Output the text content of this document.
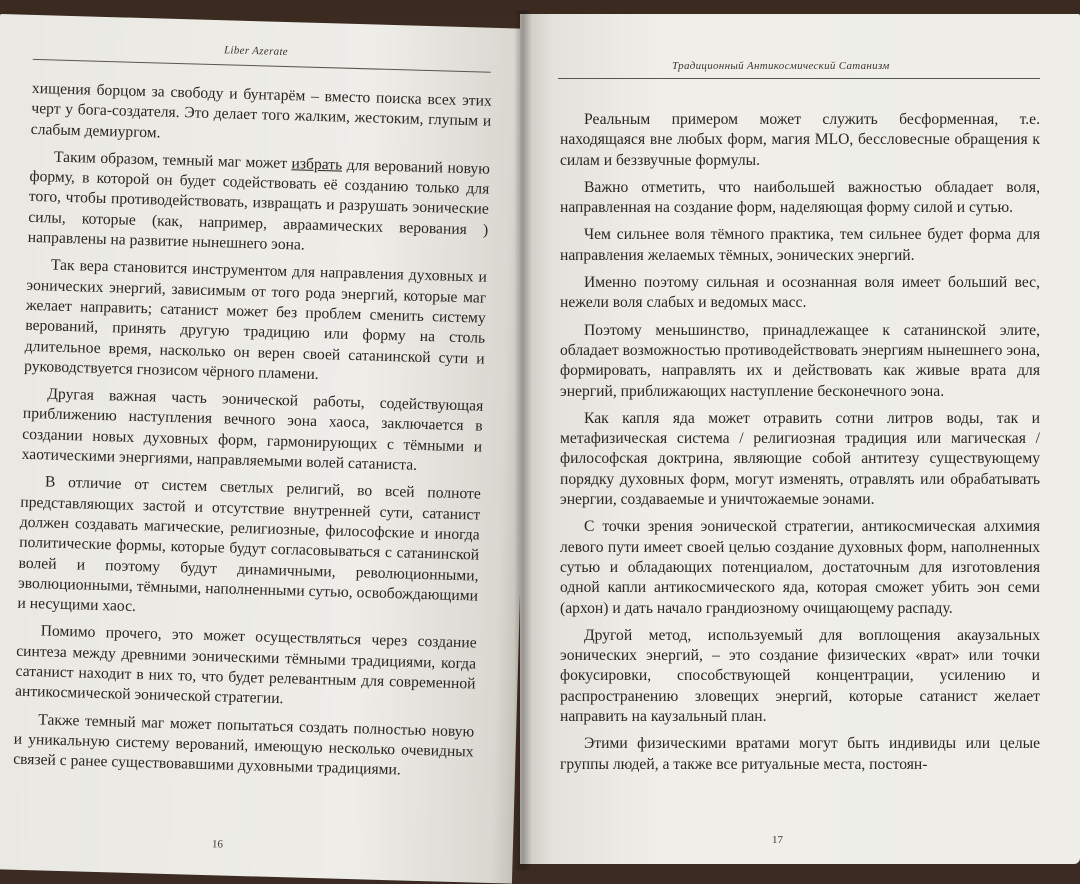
Liber Azerate

хищения борцом за свободу и бунтарём – вместо поиска всех этих черт у бога-создателя. Это делает того жалким, жестоким, глупым и слабым демиургом.

Таким образом, темный маг может избрать для верований новую форму, в которой он будет содействовать её созданию только для того, чтобы противодействовать, извращать и разрушать эонические силы, которые (как, например, авраамических верования ) направлены на развитие нынешнего эона.

Так вера становится инструментом для направления духовных и эонических энергий, зависимым от того рода энергий, которые маг желает направить; сатанист может без проблем сменить систему верований, принять другую традицию или форму на столь длительное время, насколько он верен своей сатанинской сути и руководствуется гнозисом чёрного пламени.

Другая важная часть эонической работы, содействующая приближению наступления вечного эона хаоса, заключается в создании новых духовных форм, гармонирующих с тёмными и хаотическими энергиями, направляемыми волей сатаниста.

В отличие от систем светлых религий, во всей полноте представляющих застой и отсутствие внутренней сути, сатанист должен создавать магические, религиозные, философские и иногда политические формы, которые будут согласовываться с сатанинской волей и поэтому будут динамичными, революционными, эволюционными, тёмными, наполненными сутью, освобождающими и несущими хаос.

Помимо прочего, это может осуществляться через создание синтеза между древними эоническими тёмными традициями, когда сатанист находит в них то, что будет релевантным для современной антикосмической эонической стратегии.

Также темный маг может попытаться создать полностью новую и уникальную систему верований, имеющую несколько очевидных связей с ранее существовавшими духовными традициями.

16
Традиционный Антикосмический Сатанизм

Реальным примером может служить бесформенная, т.е. находящаяся вне любых форм, магия MLO, бессловесные обращения к силам и беззвучные формулы.

Важно отметить, что наибольшей важностью обладает воля, направленная на создание форм, наделяющая форму силой и сутью.

Чем сильнее воля тёмного практика, тем сильнее будет форма для направления желаемых тёмных, эонических энергий.

Именно поэтому сильная и осознанная воля имеет больший вес, нежели воля слабых и ведомых масс.

Поэтому меньшинство, принадлежащее к сатанинской элите, обладает возможностью противодействовать энергиям нынешнего эона, формировать, направлять их и действовать как живые врата для энергий, приближающих наступление бесконечного эона.

Как капля яда может отравить сотни литров воды, так и метафизическая система / религиозная традиция или магическая / философская доктрина, являющие собой антитезу существующему порядку духовных форм, могут изменять, отравлять или обрабатывать энергии, создаваемые и уничтожаемые эонами.

С точки зрения эонической стратегии, антикосмическая алхимия левого пути имеет своей целью создание духовных форм, наполненных сутью и обладающих потенциалом, достаточным для изготовления одной капли антикосмического яда, которая сможет убить эон семи (архон) и дать начало грандиозному очищающему распаду.

Другой метод, используемый для воплощения акаузальных эонических энергий, – это создание физических «врат» или точки фокусировки, способствующей концентрации, усилению и распространению зловещих энергий, которые сатанист желает направить на каузальный план.

Этими физическими вратами могут быть индивиды или целые группы людей, а также все ритуальные места, постоян-

17
